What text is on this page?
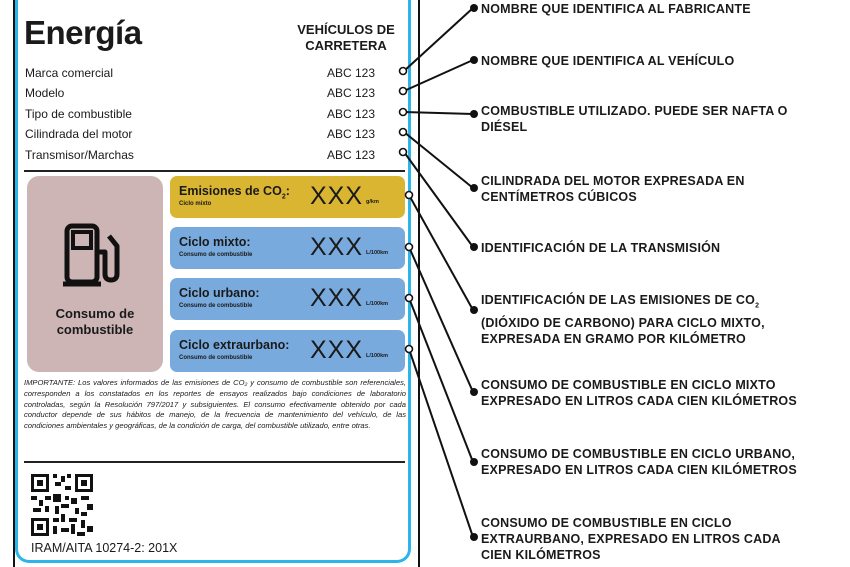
Energía	VEHÍCULOS DE
CARRETERA
Marca comercial	ABC 123
Modelo	ABC 123
Tipo de combustible	ABC 123
Cilindrada del motor	ABC 123
Transmisor/Marchas	ABC 123
Consumo de
combustible
Emisiones de $CO_2$:
Ciclo mixto	XXX g/km
Ciclo mixto:
Consumo de combustible XXX L/100km
Ciclo urbano:
Consumo de combustible XXX L/100km
Ciclo extraurbano:
Consumo de combustible XXX L/100km
IMPORTANTE: Los valores informados de las emisiones de CO₂ y consumo de combustible son referenciales, corresponden a los constatados en los reportes de ensayos realizados bajo condiciones de laboratorio controladas, según la Resolución 797/2017 y subsiguientes. El consumo efectivamente obtenido por cada conductor depende de sus hábitos de manejo, de la frecuencia de mantenimiento del vehículo, de las condiciones ambientales y geográficas, de la condición de carga, del combustible utilizado, entre otras.
IRAM/AITA 10274-2: 201X
NOMBRE QUE IDENTIFICA AL FABRICANTE
NOMBRE QUE IDENTIFICA AL VEHÍCULO
COMBUSTIBLE UTILIZADO. PUEDE SER NAFTA O
DIÉSEL
CILINDRADA DEL MOTOR EXPRESADA EN
CENTÍMETROS CÚBICOS
IDENTIFICACIÓN DE LA TRANSMISIÓN
IDENTIFICACIÓN DE LAS EMISIONES DE $CO_2$
(DIÓXIDO DE CARBONO) PARA CICLO MIXTO,
EXPRESADA EN GRAMO POR KILÓMETRO
CONSUMO DE COMBUSTIBLE EN CICLO MIXTO
EXPRESADO EN LITROS CADA CIEN KILÓMETROS
CONSUMO DE COMBUSTIBLE EN CICLO URBANO,
EXPRESADO EN LITROS CADA CIEN KILÓMETROS
CONSUMO DE COMBUSTIBLE EN CICLO
EXTRAURBANO, EXPRESADO EN LITROS CADA
CIEN KILÓMETROS
